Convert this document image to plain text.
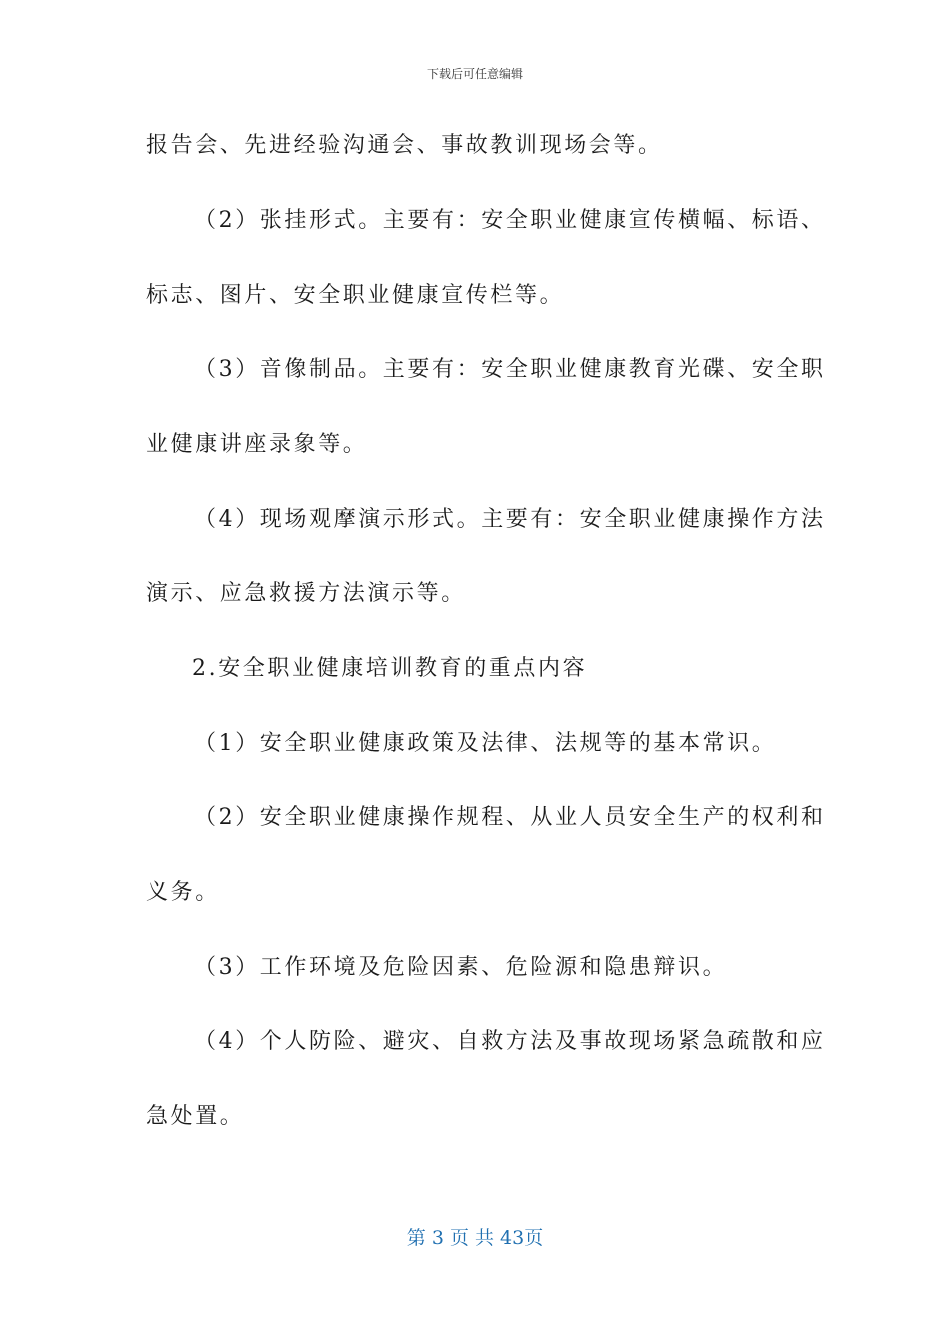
下载后可任意编辑
报告会、先进经验沟通会、事故教训现场会等。
（2）张挂形式。主要有：安全职业健康宣传横幅、标语、
标志、图片、安全职业健康宣传栏等。
（3）音像制品。主要有：安全职业健康教育光碟、安全职
业健康讲座录象等。
（4）现场观摩演示形式。主要有：安全职业健康操作方法
演示、应急救援方法演示等。
2.安全职业健康培训教育的重点内容
（1）安全职业健康政策及法律、法规等的基本常识。
（2）安全职业健康操作规程、从业人员安全生产的权利和
义务。
（3）工作环境及危险因素、危险源和隐患辩识。
（4）个人防险、避灾、自救方法及事故现场紧急疏散和应
急处置。
第 3 页 共 43页
